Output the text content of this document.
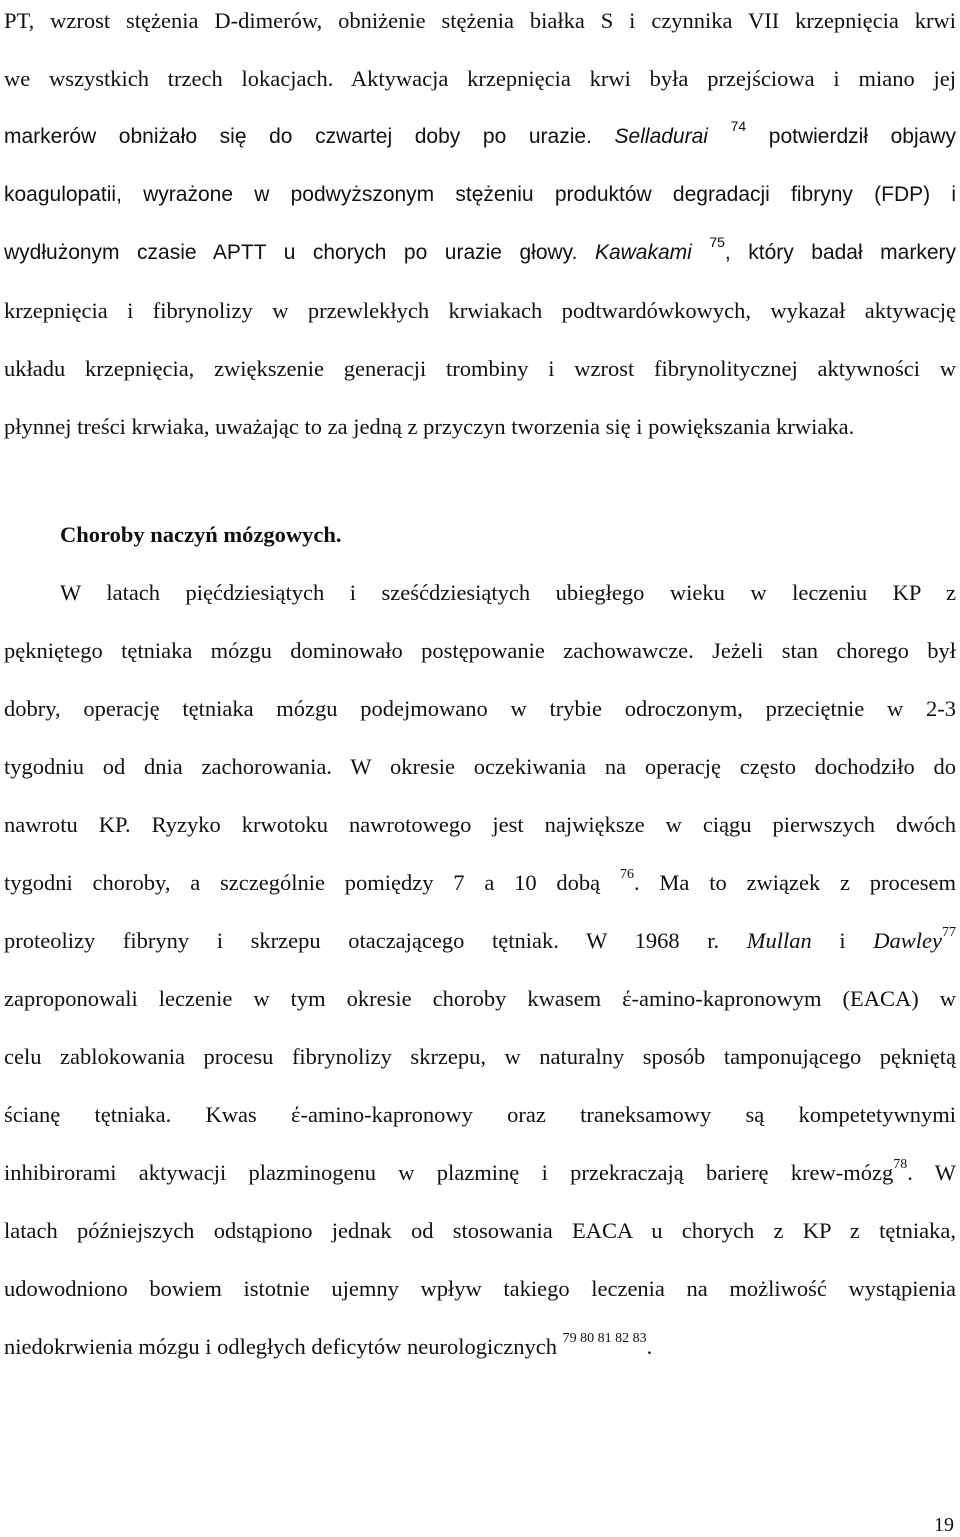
PT, wzrost stężenia D-dimerów, obniżenie stężenia białka S i czynnika VII krzepnięcia krwi
we wszystkich trzech lokacjach. Aktywacja krzepnięcia krwi była przejściowa i miano jej
markerów obniżało się do czwartej doby po urazie. Selladurai $^{74}$ potwierdził objawy
koagulopatii, wyrażone w podwyższonym stężeniu produktów degradacji fibryny (FDP) i
wydłużonym czasie APTT u chorych po urazie głowy. Kawakami $^{75}$, który badał markery
krzepnięcia i fibrynolizy w przewlekłych krwiakach podtwardówkowych, wykazał aktywację
układu krzepnięcia, zwiększenie generacji trombiny i wzrost fibrynolitycznej aktywności w
płynnej treści krwiaka, uważając to za jedną z przyczyn tworzenia się i powiększania krwiaka.
Choroby naczyń mózgowych.
W latach pięćdziesiątych i sześćdziesiątych ubiegłego wieku w leczeniu KP z
pękniętego tętniaka mózgu dominowało postępowanie zachowawcze. Jeżeli stan chorego był
dobry, operację tętniaka mózgu podejmowano w trybie odroczonym, przeciętnie w 2-3
tygodniu od dnia zachorowania. W okresie oczekiwania na operację często dochodziło do
nawrotu KP. Ryzyko krwotoku nawrotowego jest największe w ciągu pierwszych dwóch
tygodni choroby, a szczególnie pomiędzy 7 a 10 dobą $^{76}$. Ma to związek z procesem
proteolizy fibryny i skrzepu otaczającego tętniak. W 1968 r. Mullan i Dawley$^{77}$
zaproponowali leczenie w tym okresie choroby kwasem έ-amino-kapronowym (EACA) w
celu zablokowania procesu fibrynolizy skrzepu, w naturalny sposób tamponującego pękniętą
ścianę tętniaka. Kwas έ-amino-kapronowy oraz traneksamowy są kompetetywnymi
inhibirorami aktywacji plazminogenu w plazminę i przekraczają barierę krew-mózg$^{78}$. W
latach późniejszych odstąpiono jednak od stosowania EACA u chorych z KP z tętniaka,
udowodniono bowiem istotnie ujemny wpływ takiego leczenia na możliwość wystąpienia
niedokrwienia mózgu i odległych deficytów neurologicznych $^{79 80 81 82 83}$.
19
